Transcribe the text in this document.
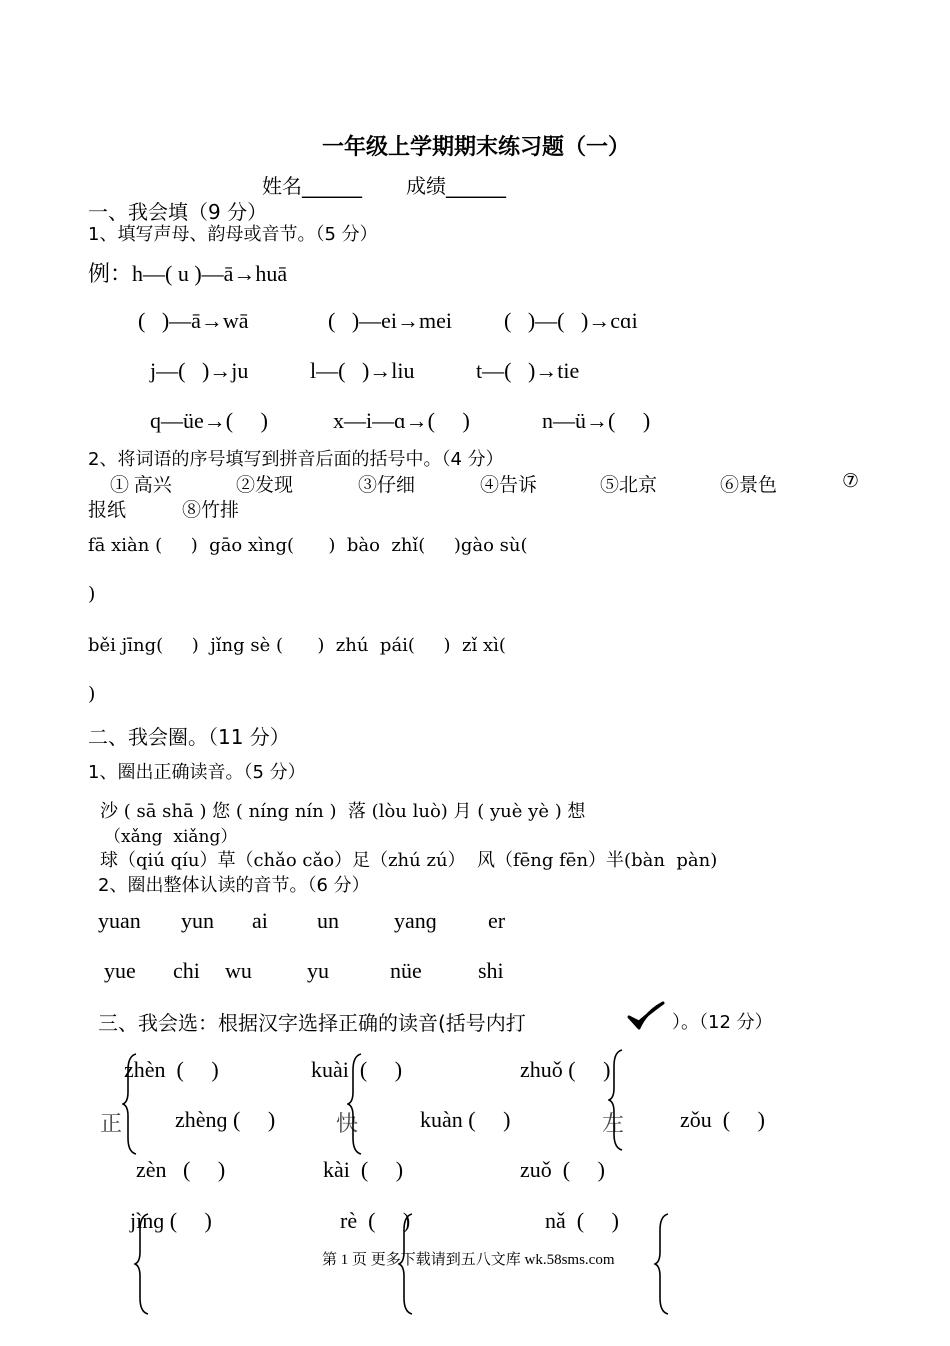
一年级上学期期末练习题（一）
姓名______ 成绩______
一、我会填（9 分）
1、填写声母、韵母或音节。（5 分）
例：h—( u )—ā→huā
(   )—ā→wā	(   )—ei→mei (   )—(   )→cɑi
j—(   )→ju	l—(   )→liu	t—(   )→tie
q—üe→(     )	x—i—ɑ→(     )	n—ü→(     )
2、将词语的序号填写到拼音后面的括号中。（4 分）
① 高兴	②发现	③仔细	④告诉	⑤北京	⑥景色	⑦
报纸	⑧竹排
fā xiàn (     )  gāo xìng(      )  bào  zhǐ(     )gào sù(
)
běi jīng(     )  jǐng sè (      )  zhú  pái(     )  zǐ xì(
)
二、我会圈。（11 分）
1、圈出正确读音。（5 分）
沙 ( sā shā ) 您 ( níng nín )  落 (lòu luò) 月 ( yuè yè ) 想
（xǎng  xiǎng）
球（qiú qíu）草（chǎo cǎo）足（zhú zú）  风（fēng fēn）半(bàn  pàn)
2、圈出整体认读的音节。（6 分）
yuan yun ai un	yanɡ er
yue chi wu	yu	nüe	shi
三、我会选：根据汉字选择正确的读音(括号内打	）。（12 分）
正
zhèn  (     )
zhènɡ (     )
zèn   (     )
快
kuài  (     )
kuàn (     )
kài  (     )
左
zhuǒ (     )
zǒu  (     )
zuǒ  (     )
jìnɡ (     )	rè  (     )	nǎ  (     )
第 1 页 更多下载请到五八文库 wk.58sms.com
